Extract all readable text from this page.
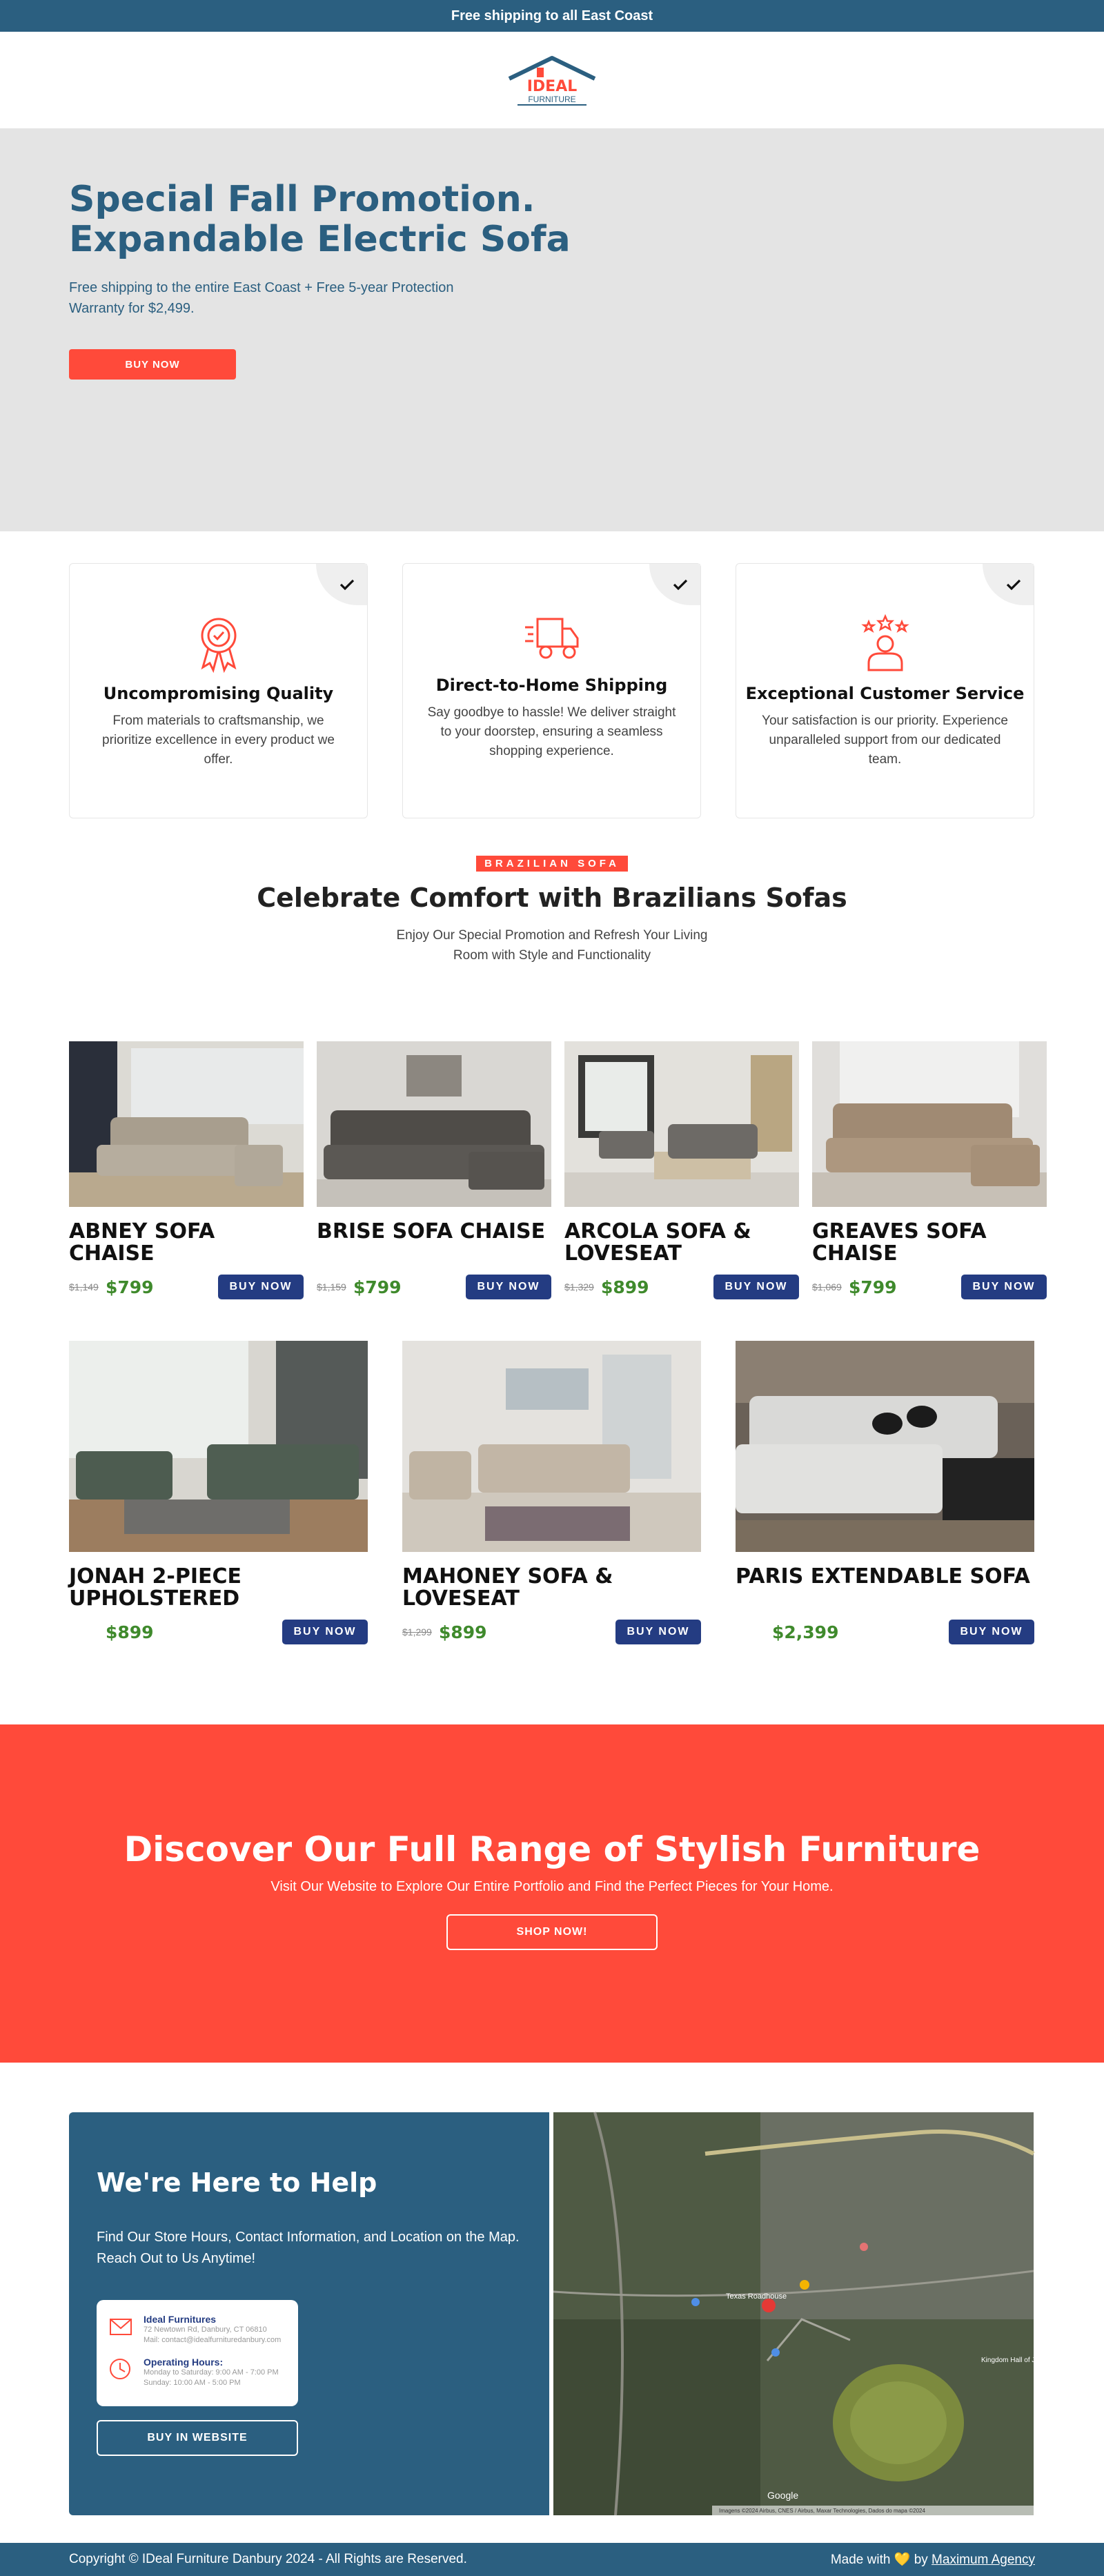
Free shipping to all East Coast
IDEAL
FURNITURE
Special Fall Promotion. Expandable Electric Sofa

Free shipping to the entire East Coast + Free 5-year Protection Warranty for $2,499.

BUY NOW
Uncompromising Quality

From materials to craftsmanship, we prioritize excellence in every product we offer.

Direct-to-Home Shipping

Say goodbye to hassle! We deliver straight to your doorstep, ensuring a seamless shopping experience.

Exceptional Customer Service

Your satisfaction is our priority. Experience unparalleled support from our dedicated team.

BRAZILIAN SOFA
Celebrate Comfort with Brazilians Sofas

Enjoy Our Special Promotion and Refresh Your Living Room with Style and Functionality

ABNEY SOFA CHAISE
$1,149 $799	BUY NOW
BRISE SOFA CHAISE
$1,159 $799	BUY NOW
ARCOLA SOFA & LOVESEAT
$1,329 $899	BUY NOW
GREAVES SOFA CHAISE
$1,069 $799	BUY NOW
JONAH 2-PIECE UPHOLSTERED
$899	BUY NOW
MAHONEY SOFA & LOVESEAT
$1,299 $899	BUY NOW
PARIS EXTENDABLE SOFA
$2,399	BUY NOW
Discover Our Full Range of Stylish Furniture

Visit Our Website to Explore Our Entire Portfolio and Find the Perfect Pieces for Your Home.

SHOP NOW!
We're Here to Help

Find Our Store Hours, Contact Information, and Location on the Map. Reach Out to Us Anytime!

Ideal Furnitures
72 Newtown Rd, Danbury, CT 06810
Mail: contact@idealfurnituredanbury.com
Operating Hours:
Monday to Saturday: 9:00 AM - 7:00 PM
Sunday: 10:00 AM - 5:00 PM
BUY IN WEBSITE
Texas Roadhouse
Kingdom Hall of Jehovah's Witnesses
Google
Imagens ©2024 Airbus, CNES / Airbus, Maxar Technologies, Dados do mapa ©2024
Copyright © IDeal Furniture Danbury 2024 - All Rights are Reserved.	Made with 💛 by Maximum Agency
